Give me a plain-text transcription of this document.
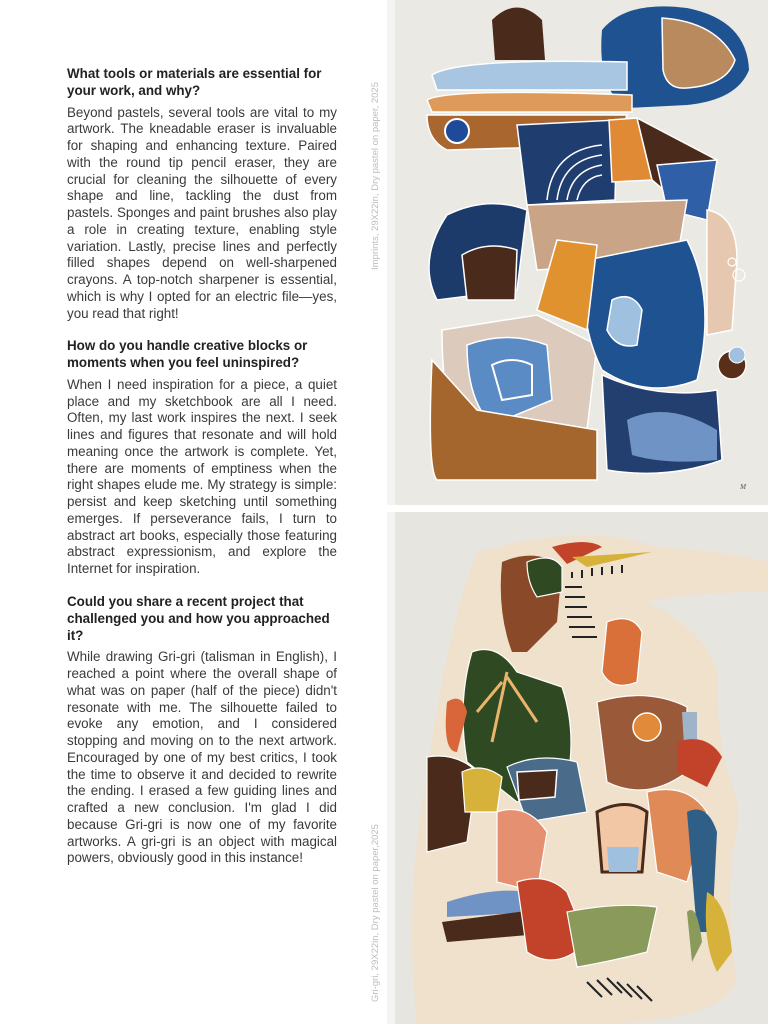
What tools or materials are essential for your work, and why?

Beyond pastels, several tools are vital to my artwork. The kneadable eraser is invaluable for shaping and enhancing texture. Paired with the round tip pencil eraser, they are crucial for cleaning the silhouette of every shape and line, tackling the dust from pastels. Sponges and paint brushes also play a role in creating texture, enabling style variation. Lastly, precise lines and perfectly filled shapes depend on well-sharpened crayons. A top-notch sharpener is essential, which is why I opted for an electric file—yes, you read that right!

How do you handle creative blocks or moments when you feel uninspired?

When I need inspiration for a piece, a quiet place and my sketchbook are all I need. Often, my last work inspires the next. I seek lines and figures that resonate and will hold meaning once the artwork is complete. Yet, there are moments of emptiness when the right shapes elude me. My strategy is simple: persist and keep sketching until something emerges. If perseverance fails, I turn to abstract art books, especially those featuring abstract expressionism, and explore the Internet for inspiration.

Could you share a recent project that challenged you and how you approached it?

While drawing Gri-gri (talisman in English), I reached a point where the overall shape of what was on paper (half of the piece) didn't resonate with me. The silhouette failed to evoke any emotion, and I considered stopping and moving on to the next artwork. Encouraged by one of my best critics, I took the time to observe it and decided to rewrite the ending. I erased a few guiding lines and crafted a new conclusion. I'm glad I did because Gri-gri is now one of my favorite artworks. A gri-gri is an object with magical powers, obviously good in this instance!

Imprints, 29X22in, Dry pastel on paper, 2025
Gri-gri, 29X22in, Dry pastel on paper,2025
M
